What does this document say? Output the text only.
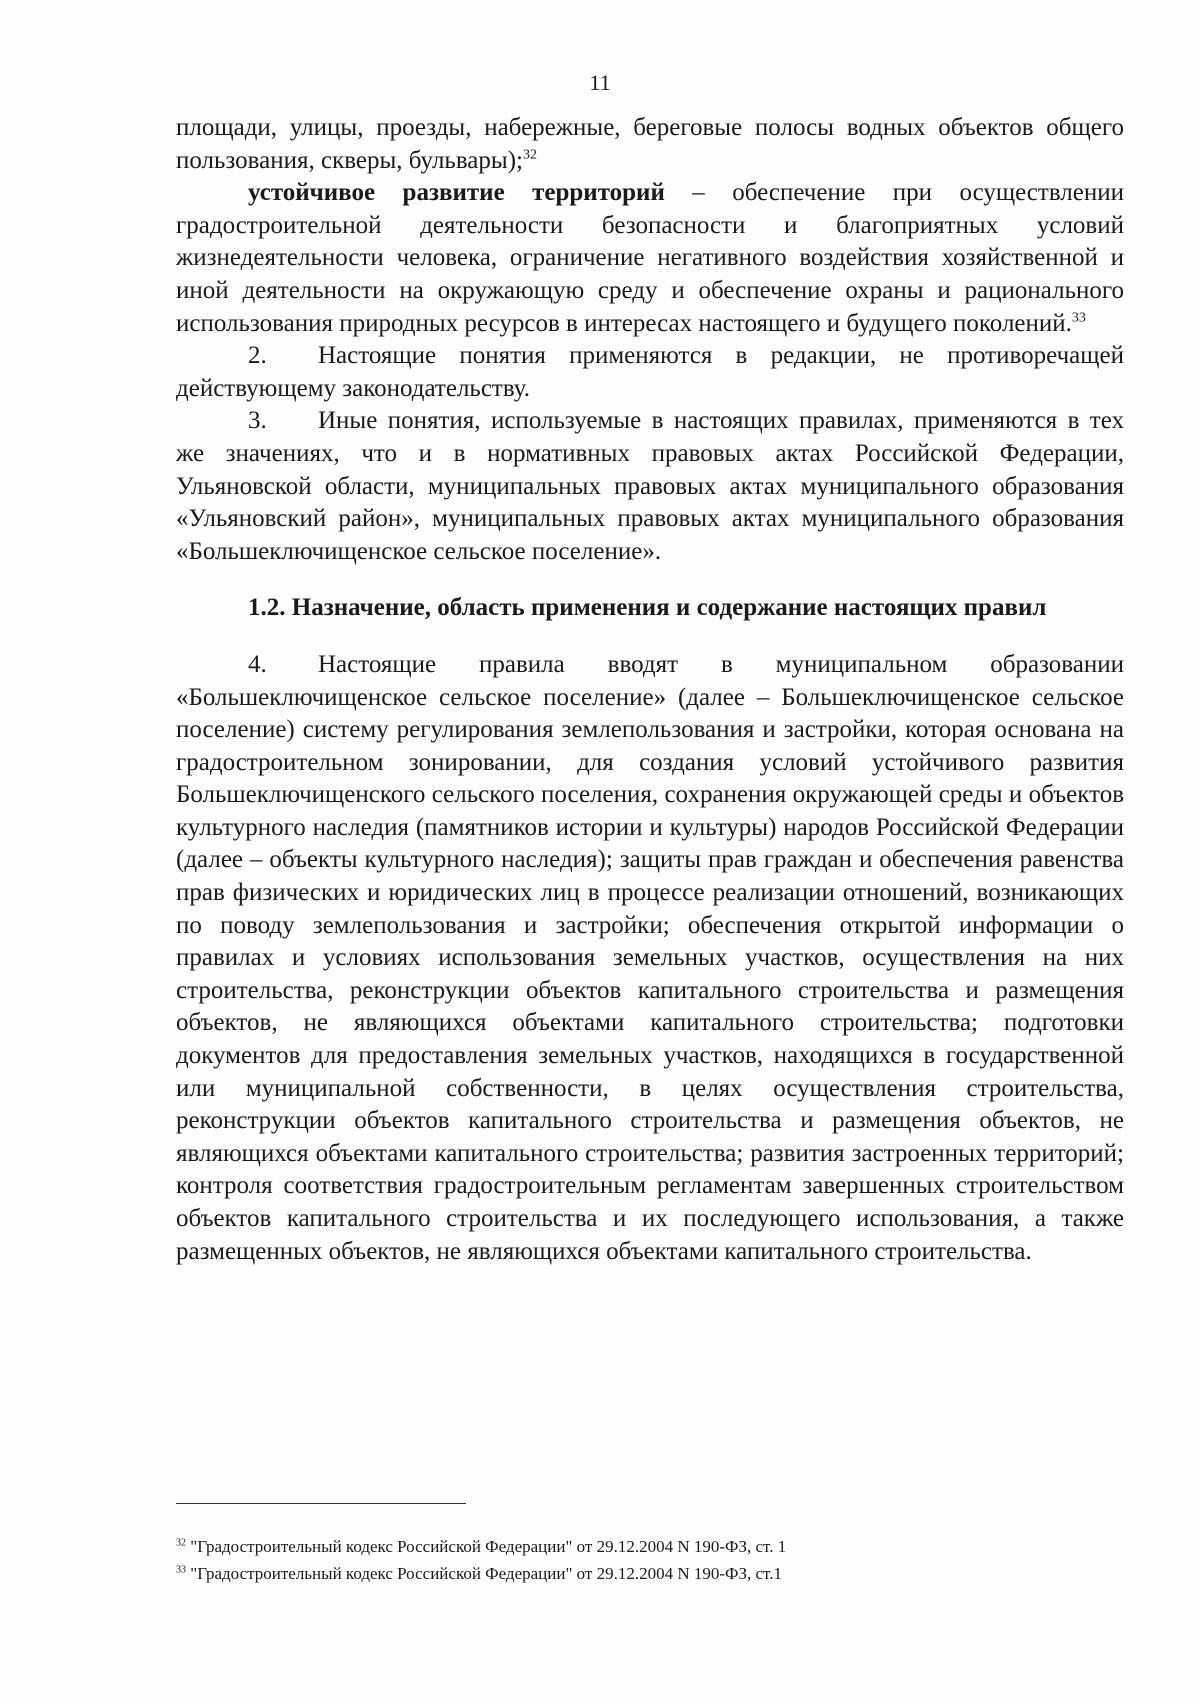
11

площади, улицы, проезды, набережные, береговые полосы водных объектов общего пользования, скверы, бульвары);$^{32}$

устойчивое развитие территорий – обеспечение при осуществлении градостроительной деятельности безопасности и благоприятных условий жизнедеятельности человека, ограничение негативного воздействия хозяйственной и иной деятельности на окружающую среду и обеспечение охраны и рационального использования природных ресурсов в интересах настоящего и будущего поколений.$^{33}$

2. Настоящие понятия применяются в редакции, не противоречащей действующему законодательству.

3. Иные понятия, используемые в настоящих правилах, применяются в тех же значениях, что и в нормативных правовых актах Российской Федерации, Ульяновской области, муниципальных правовых актах муниципального образования «Ульяновский район», муниципальных правовых актах муниципального образования «Большеключищенское сельское поселение».

1.2. Назначение, область применения и содержание настоящих правил

4. Настоящие правила вводят в муниципальном образовании «Большеключищенское сельское поселение» (далее – Большеключищенское сельское поселение) систему регулирования землепользования и застройки, которая основана на градостроительном зонировании, для создания условий устойчивого развития Большеключищенского сельского поселения, сохранения окружающей среды и объектов культурного наследия (памятников истории и культуры) народов Российской Федерации (далее – объекты культурного наследия); защиты прав граждан и обеспечения равенства прав физических и юридических лиц в процессе реализации отношений, возникающих по поводу землепользования и застройки; обеспечения открытой информации о правилах и условиях использования земельных участков, осуществления на них строительства, реконструкции объектов капитального строительства и размещения объектов, не являющихся объектами капитального строительства; подготовки документов для предоставления земельных участков, находящихся в государственной или муниципальной собственности, в целях осуществления строительства, реконструкции объектов капитального строительства и размещения объектов, не являющихся объектами капитального строительства; развития застроенных территорий; контроля соответствия градостроительным регламентам завершенных строительством объектов капитального строительства и их последующего использования, а также размещенных объектов, не являющихся объектами капитального строительства.

$^{32}$ "Градостроительный кодекс Российской Федерации" от 29.12.2004 N 190-ФЗ, ст. 1

$^{33}$ "Градостроительный кодекс Российской Федерации" от 29.12.2004 N 190-ФЗ, ст.1
